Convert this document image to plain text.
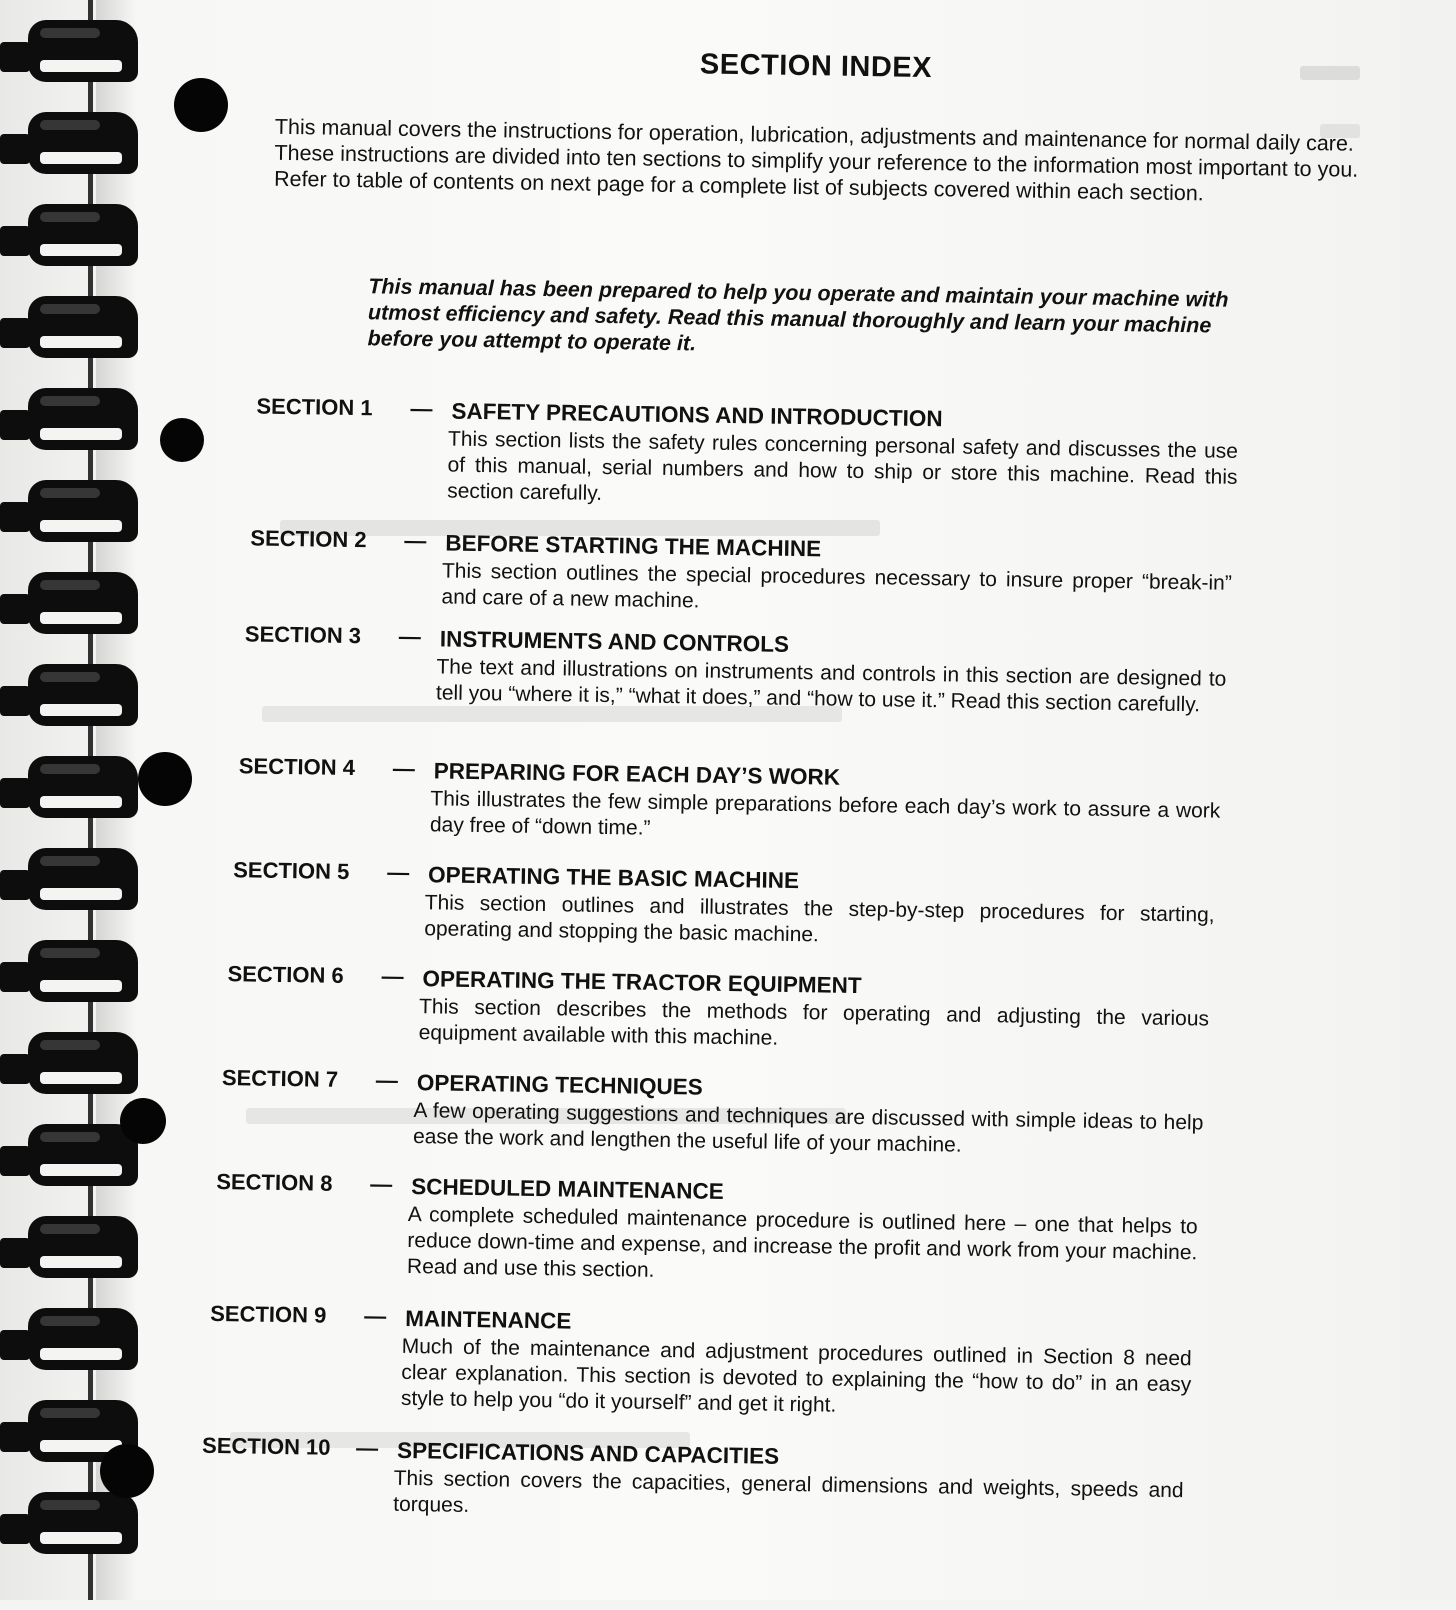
SECTION INDEX
This manual covers the instructions for operation, lubrication, adjustments and maintenance for normal daily care. These instructions are divided into ten sections to simplify your reference to the information most important to you. Refer to table of contents on next page for a complete list of subjects covered within each section.
This manual has been prepared to help you operate and maintain your machine with utmost efficiency and safety. Read this manual thoroughly and learn your machine before you attempt to operate it.
SECTION 1 — SAFETY PRECAUTIONS AND INTRODUCTION
This section lists the safety rules concerning personal safety and discusses the use of this manual, serial numbers and how to ship or store this machine. Read this section carefully.
SECTION 2 — BEFORE STARTING THE MACHINE
This section outlines the special procedures necessary to insure proper “break-in” and care of a new machine.
SECTION 3 — INSTRUMENTS AND CONTROLS
The text and illustrations on instruments and controls in this section are designed to tell you “where it is,” “what it does,” and “how to use it.” Read this section carefully.
SECTION 4 — PREPARING FOR EACH DAY’S WORK
This illustrates the few simple preparations before each day’s work to assure a work day free of “down time.”
SECTION 5 — OPERATING THE BASIC MACHINE
This section outlines and illustrates the step-by-step procedures for starting, operating and stopping the basic machine.
SECTION 6 — OPERATING THE TRACTOR EQUIPMENT
This section describes the methods for operating and adjusting the various equipment available with this machine.
SECTION 7 — OPERATING TECHNIQUES
A few operating suggestions and techniques are discussed with simple ideas to help ease the work and lengthen the useful life of your machine.
SECTION 8 — SCHEDULED MAINTENANCE
A complete scheduled maintenance procedure is outlined here – one that helps to reduce down-time and expense, and increase the profit and work from your machine. Read and use this section.
SECTION 9 — MAINTENANCE
Much of the maintenance and adjustment procedures outlined in Section 8 need clear explanation. This section is devoted to explaining the “how to do” in an easy style to help you “do it yourself” and get it right.
SECTION 10 — SPECIFICATIONS AND CAPACITIES
This section covers the capacities, general dimensions and weights, speeds and torques.
